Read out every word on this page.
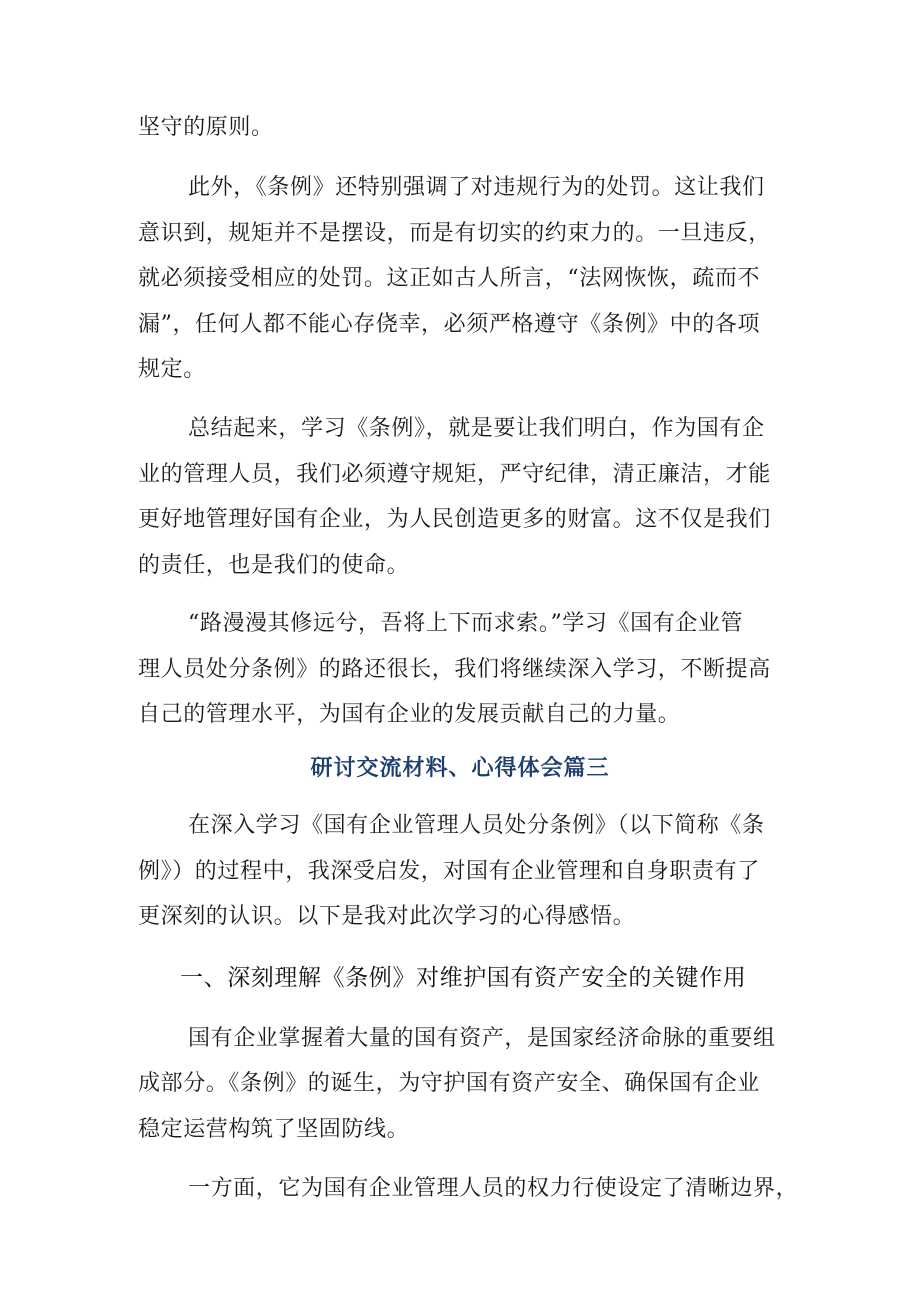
坚守的原则。
此外，《条例》还特别强调了对违规行为的处罚。这让我们
意识到，规矩并不是摆设，而是有切实的约束力的。一旦违反，
就必须接受相应的处罚。这正如古人所言，“法网恢恢，疏而不
漏”，任何人都不能心存侥幸，必须严格遵守《条例》中的各项
规定。
总结起来，学习《条例》，就是要让我们明白，作为国有企
业的管理人员，我们必须遵守规矩，严守纪律，清正廉洁，才能
更好地管理好国有企业，为人民创造更多的财富。这不仅是我们
的责任，也是我们的使命。
“路漫漫其修远兮，吾将上下而求索。”学习《国有企业管
理人员处分条例》的路还很长，我们将继续深入学习，不断提高
自己的管理水平，为国有企业的发展贡献自己的力量。
研讨交流材料、心得体会篇三
在深入学习《国有企业管理人员处分条例》（以下简称《条
例》）的过程中，我深受启发，对国有企业管理和自身职责有了
更深刻的认识。以下是我对此次学习的心得感悟。
一、深刻理解《条例》对维护国有资产安全的关键作用
国有企业掌握着大量的国有资产，是国家经济命脉的重要组
成部分。《条例》的诞生，为守护国有资产安全、确保国有企业
稳定运营构筑了坚固防线。
一方面，它为国有企业管理人员的权力行使设定了清晰边界，
